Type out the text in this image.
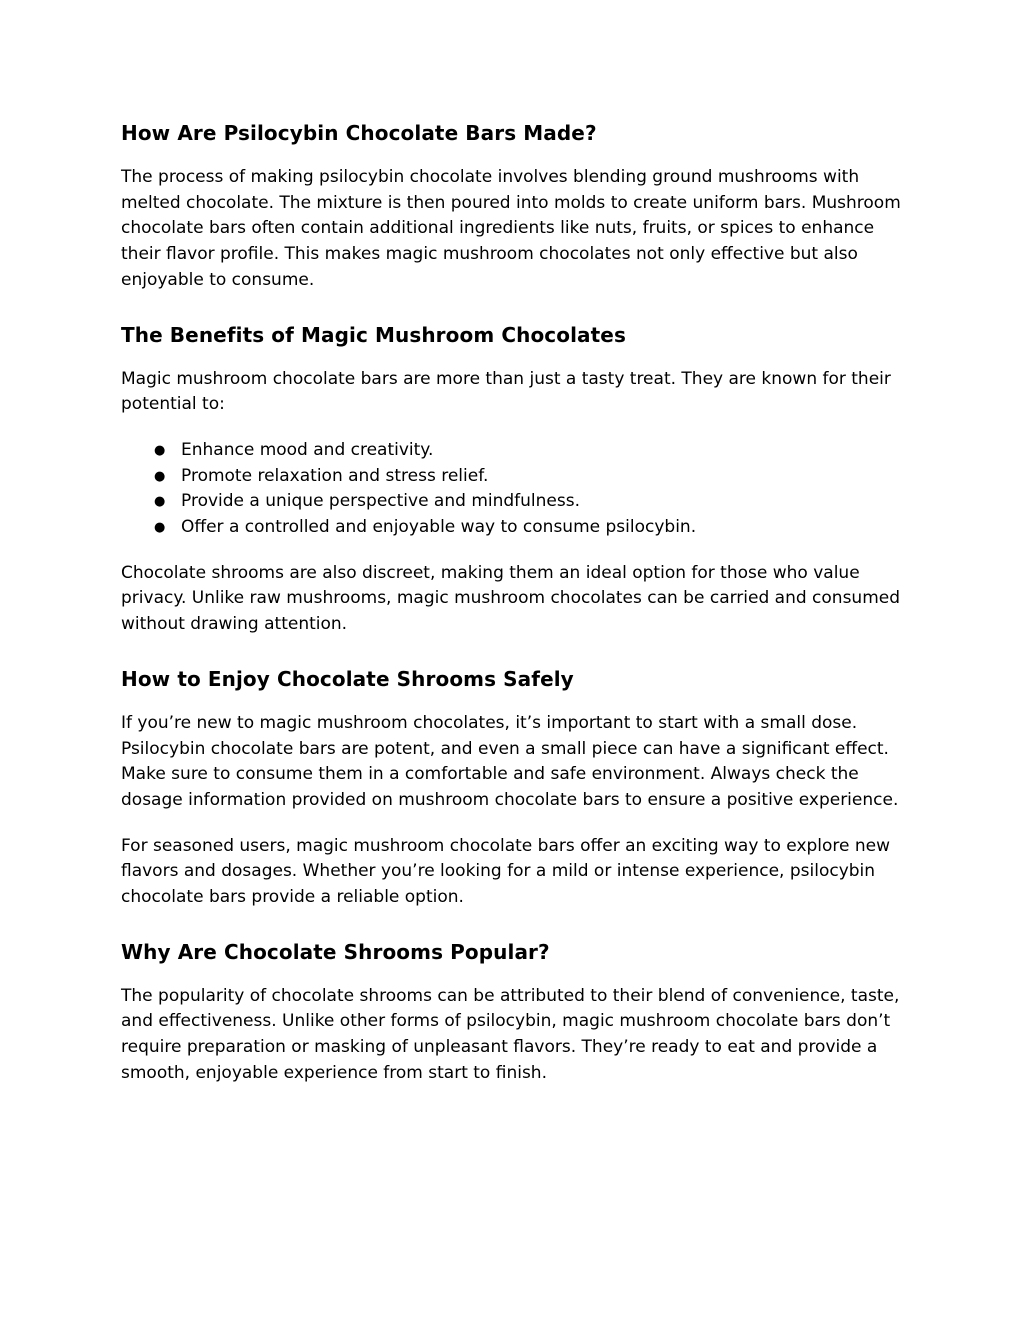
How Are Psilocybin Chocolate Bars Made?

The process of making psilocybin chocolate involves blending ground mushrooms with melted chocolate. The mixture is then poured into molds to create uniform bars. Mushroom chocolate bars often contain additional ingredients like nuts, fruits, or spices to enhance their flavor profile. This makes magic mushroom chocolates not only effective but also enjoyable to consume.

The Benefits of Magic Mushroom Chocolates

Magic mushroom chocolate bars are more than just a tasty treat. They are known for their potential to:

● Enhance mood and creativity.
● Promote relaxation and stress relief.
● Provide a unique perspective and mindfulness.
● Offer a controlled and enjoyable way to consume psilocybin.

Chocolate shrooms are also discreet, making them an ideal option for those who value privacy. Unlike raw mushrooms, magic mushroom chocolates can be carried and consumed without drawing attention.

How to Enjoy Chocolate Shrooms Safely

If you’re new to magic mushroom chocolates, it’s important to start with a small dose. Psilocybin chocolate bars are potent, and even a small piece can have a significant effect. Make sure to consume them in a comfortable and safe environment. Always check the dosage information provided on mushroom chocolate bars to ensure a positive experience.

For seasoned users, magic mushroom chocolate bars offer an exciting way to explore new flavors and dosages. Whether you’re looking for a mild or intense experience, psilocybin chocolate bars provide a reliable option.

Why Are Chocolate Shrooms Popular?

The popularity of chocolate shrooms can be attributed to their blend of convenience, taste, and effectiveness. Unlike other forms of psilocybin, magic mushroom chocolate bars don’t require preparation or masking of unpleasant flavors. They’re ready to eat and provide a smooth, enjoyable experience from start to finish.
